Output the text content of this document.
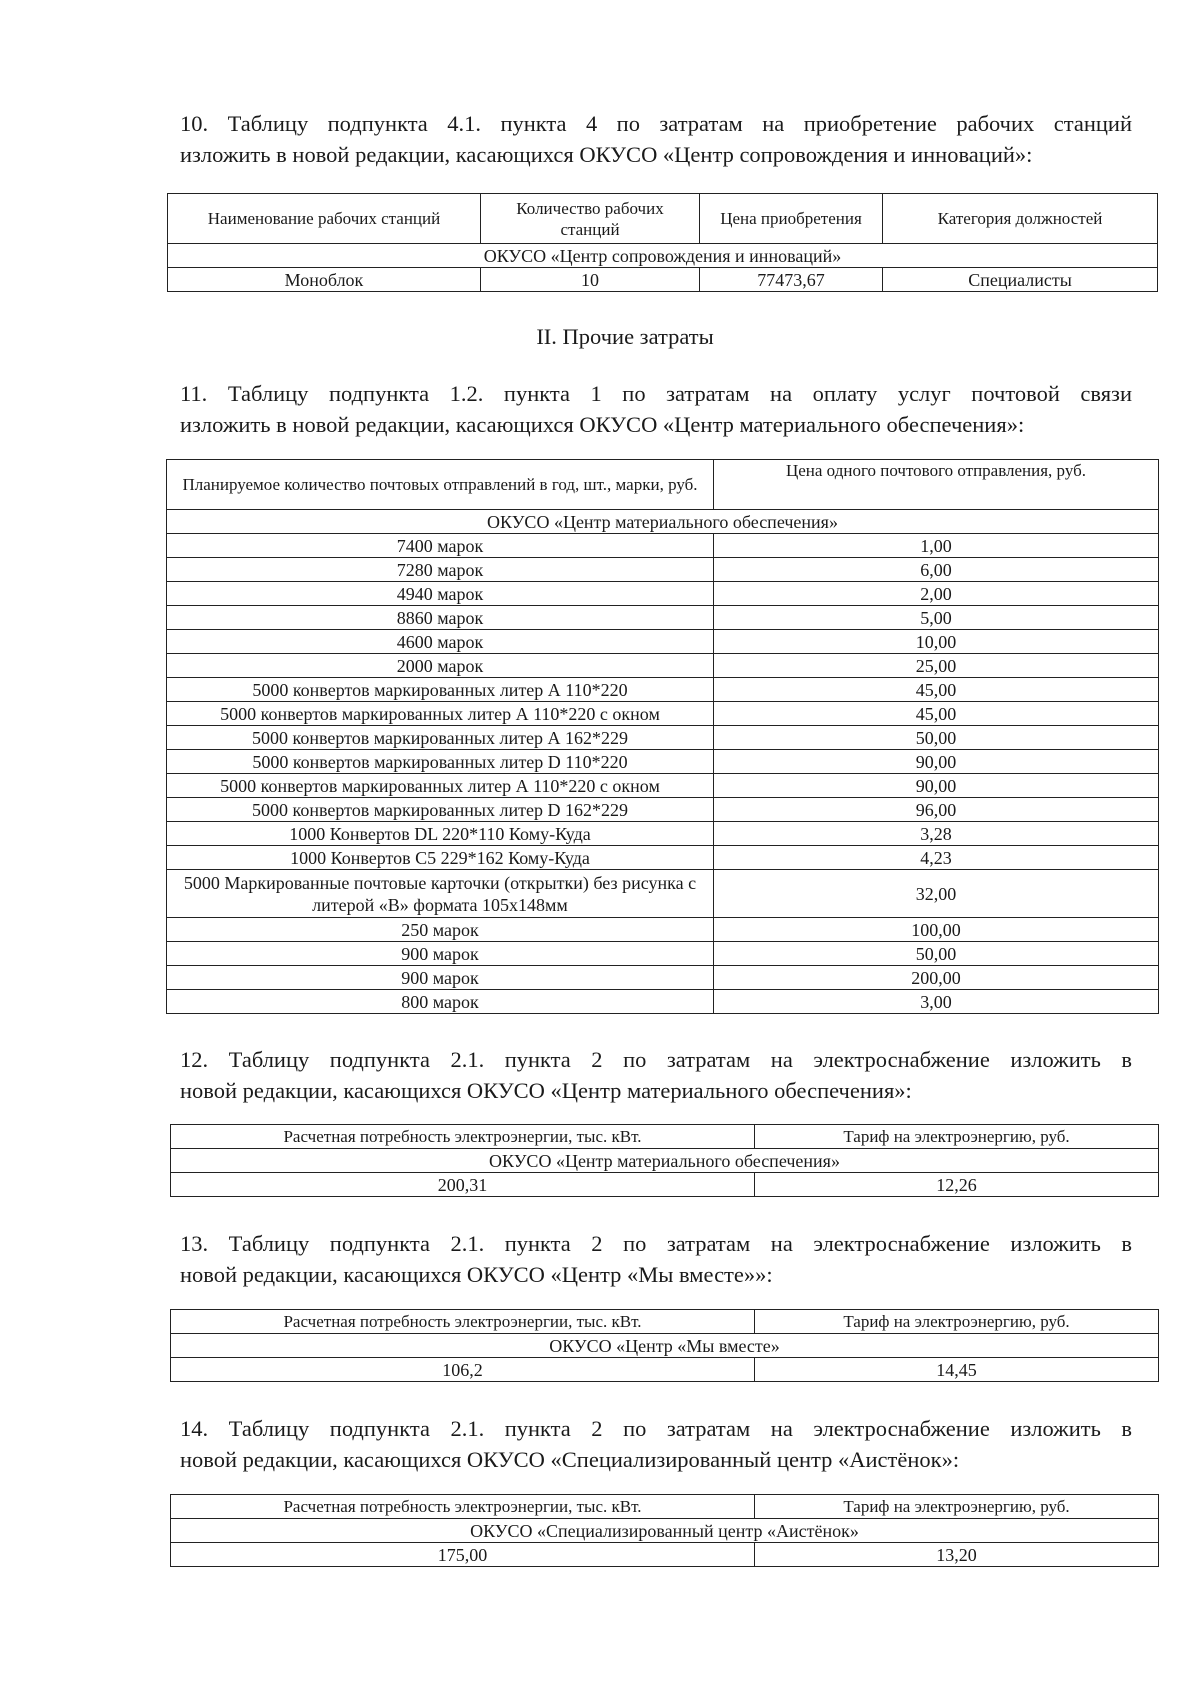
10. Таблицу подпункта 4.1. пункта 4 по затратам на приобретение рабочих станций
изложить в новой редакции, касающихся ОКУСО «Центр сопровождения и инноваций»:
Наименование рабочих станций	Количество рабочих станций	Цена приобретения	Категория должностей
ОКУСО «Центр сопровождения и инноваций»			
Моноблок	10	77473,67	Специалисты
II. Прочие затраты
11. Таблицу подпункта 1.2. пункта 1 по затратам на оплату услуг почтовой связи
изложить в новой редакции, касающихся ОКУСО «Центр материального обеспечения»:
Планируемое количество почтовых отправлений в год, шт., марки, руб.	Цена одного почтового отправления, руб.
ОКУСО «Центр материального обеспечения»	
7400 марок	1,00
7280 марок	6,00
4940 марок	2,00
8860 марок	5,00
4600 марок	10,00
2000 марок	25,00
5000 конвертов маркированных литер А 110*220	45,00
5000 конвертов маркированных литер А 110*220 с окном	45,00
5000 конвертов маркированных литер А 162*229	50,00
5000 конвертов маркированных литер D 110*220	90,00
5000 конвертов маркированных литер А 110*220 с окном	90,00
5000 конвертов маркированных литер D 162*229	96,00
1000 Конвертов DL 220*110 Кому-Куда	3,28
1000 Конвертов С5 229*162 Кому-Куда	4,23
5000 Маркированные почтовые карточки (открытки) без рисунка с литерой «В» формата 105х148мм	32,00
250 марок	100,00
900 марок	50,00
900 марок	200,00
800 марок	3,00
12. Таблицу подпункта 2.1. пункта 2 по затратам на электроснабжение изложить в
новой редакции, касающихся ОКУСО «Центр материального обеспечения»:
Расчетная потребность электроэнергии, тыс. кВт.	Тариф на электроэнергию, руб.
ОКУСО «Центр материального обеспечения»	
200,31	12,26
13. Таблицу подпункта 2.1. пункта 2 по затратам на электроснабжение изложить в
новой редакции, касающихся ОКУСО «Центр «Мы вместе»»:
Расчетная потребность электроэнергии, тыс. кВт.	Тариф на электроэнергию, руб.
ОКУСО «Центр «Мы вместе»	
106,2	14,45
14. Таблицу подпункта 2.1. пункта 2 по затратам на электроснабжение изложить в
новой редакции, касающихся ОКУСО «Специализированный центр «Аистёнок»:
Расчетная потребность электроэнергии, тыс. кВт.	Тариф на электроэнергию, руб.
ОКУСО «Специализированный центр «Аистёнок»	
175,00	13,20
